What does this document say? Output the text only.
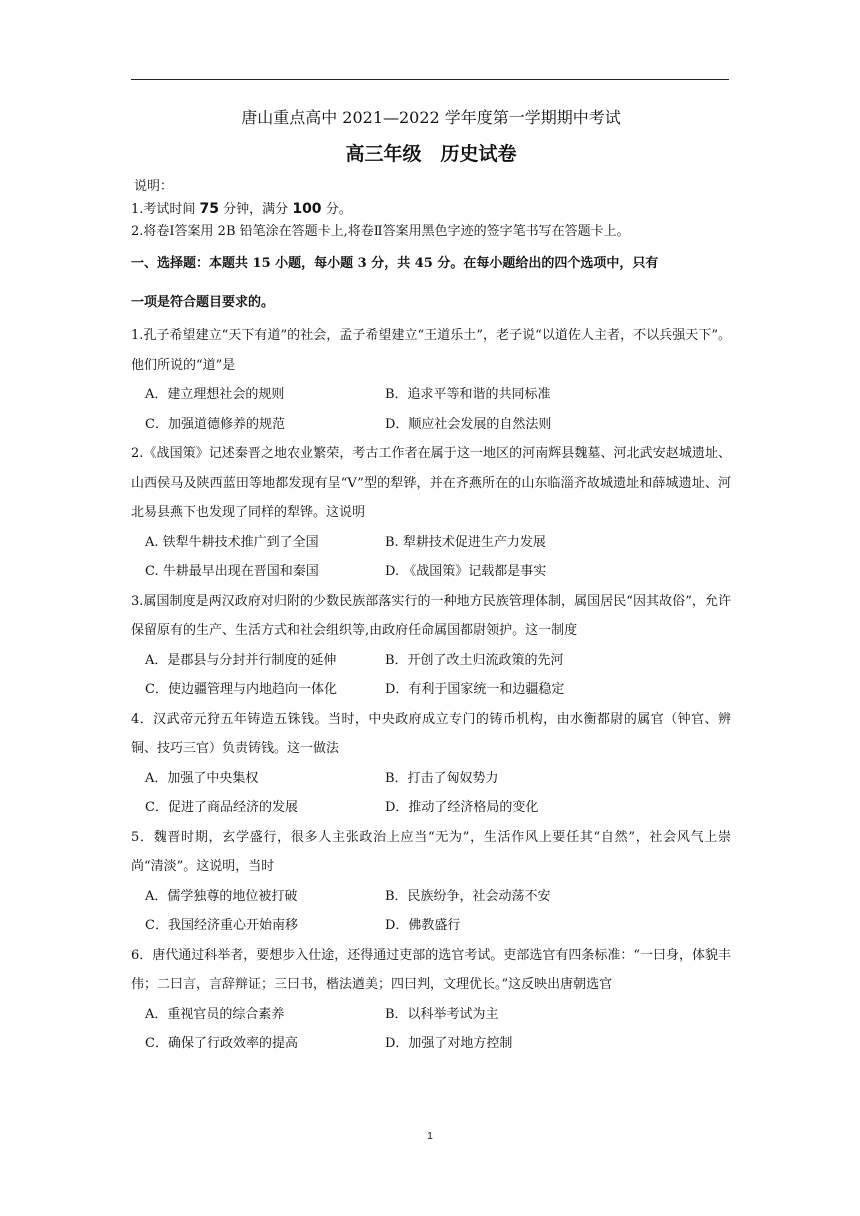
唐山重点高中 2021—2022 学年度第一学期期中考试
高三年级　历史试卷
说明：
1.考试时间 75 分钟，满分 100 分。
2.将卷Ⅰ答案用 2B 铅笔涂在答题卡上,将卷Ⅱ答案用黑色字迹的签字笔书写在答题卡上。
一、选择题：本题共 15 小题，每小题 3 分，共 45 分。在每小题给出的四个选项中，只有
一项是符合题目要求的。
1.孔子希望建立“天下有道”的社会，孟子希望建立“王道乐土”，老子说“以道佐人主者，不以兵强天下”。他们所说的“道”是
A．建立理想社会的规则	B．追求平等和谐的共同标准
C．加强道德修养的规范	D．顺应社会发展的自然法则
2.《战国策》记述秦晋之地农业繁荣，考古工作者在属于这一地区的河南辉县魏墓、河北武安赵城遗址、山西侯马及陕西蓝田等地都发现有呈“V”型的犁铧，并在齐燕所在的山东临淄齐故城遗址和薛城遗址、河北易县燕下也发现了同样的犁铧。这说明
A. 铁犁牛耕技术推广到了全国	B. 犁耕技术促进生产力发展
C. 牛耕最早出现在晋国和秦国	D. 《战国策》记载都是事实
3.属国制度是两汉政府对归附的少数民族部落实行的一种地方民族管理体制，属国居民“因其故俗”，允许保留原有的生产、生活方式和社会组织等,由政府任命属国都尉领护。这一制度
A．是郡县与分封并行制度的延伸	B．开创了改土归流政策的先河
C．使边疆管理与内地趋向一体化	D．有利于国家统一和边疆稳定
4．汉武帝元狩五年铸造五铢钱。当时，中央政府成立专门的铸币机构，由水衡都尉的属官（钟官、辨铜、技巧三官）负责铸钱。这一做法
A．加强了中央集权	B．打击了匈奴势力
C．促进了商品经济的发展	D．推动了经济格局的变化
5．魏晋时期，玄学盛行，很多人主张政治上应当“无为”，生活作风上要任其“自然”，社会风气上崇尚“清淡”。这说明，当时
A．儒学独尊的地位被打破	B．民族纷争，社会动荡不安
C．我国经济重心开始南移	D．佛教盛行
6．唐代通过科举者，要想步入仕途，还得通过吏部的选官考试。吏部选官有四条标准：“一曰身，体貌丰伟；二曰言，言辞辩证；三曰书，楷法遒美；四曰判，文理优长。”这反映出唐朝选官
A．重视官员的综合素养	B．以科举考试为主
C．确保了行政效率的提高	D．加强了对地方控制
1
